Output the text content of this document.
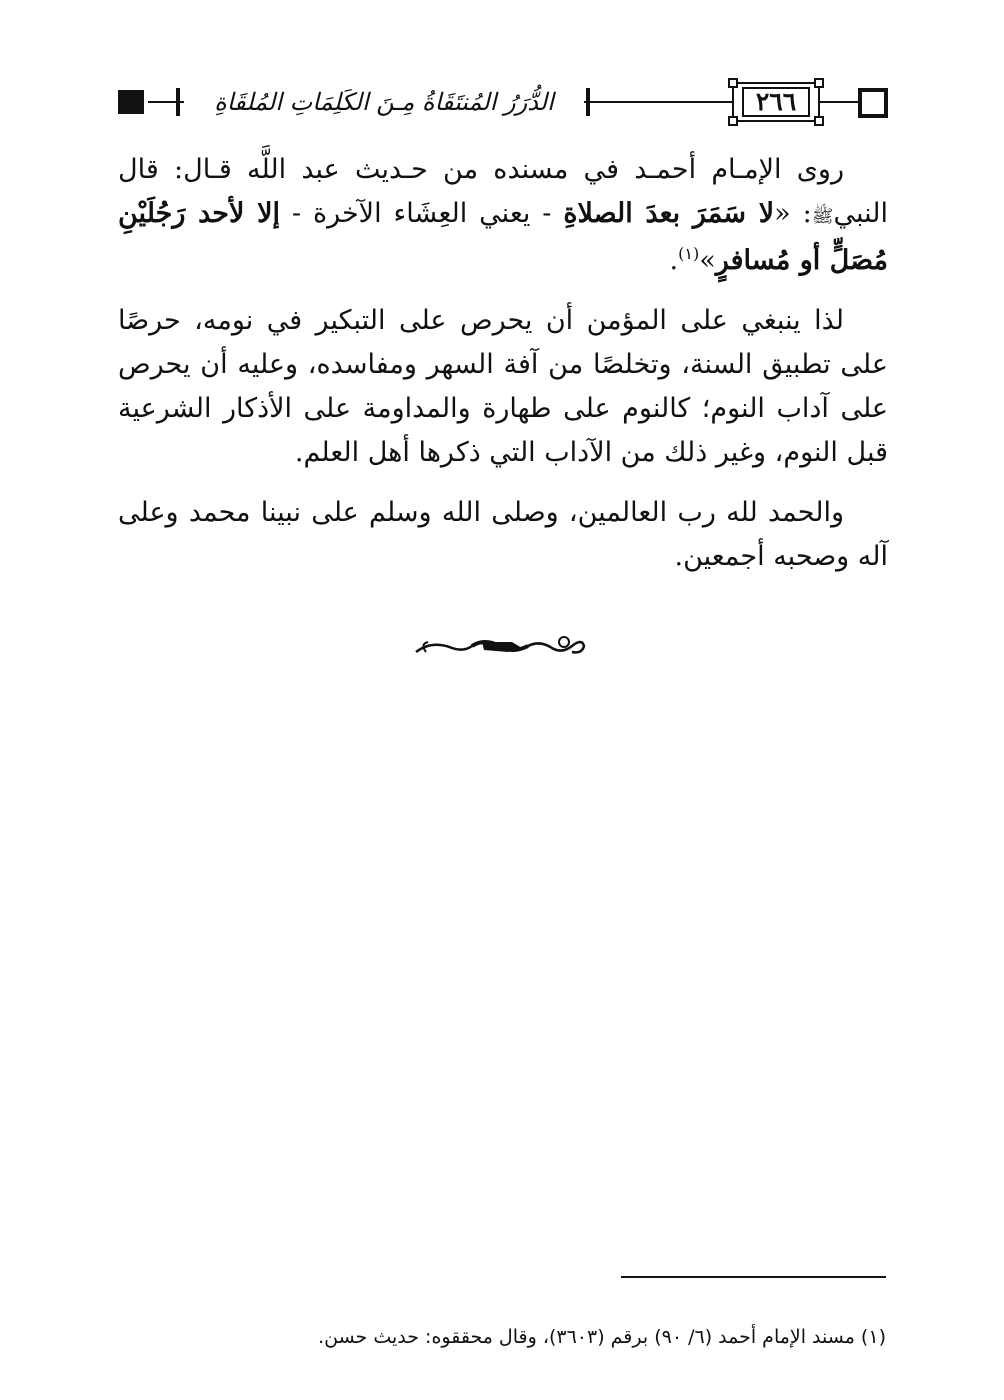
الدُّرَرُ المُنتَقَاةُ مِـنَ الكَلِمَاتِ المُلقَاةِ	٢٦٦

روى الإمـام أحمـد في مسنده من حـديث عبد اللَّه قـال: قال النبيﷺ: «لا سَمَرَ بعدَ الصلاةِ - يعني العِشَاء الآخرة - إلا لأحد رَجُلَيْنِ مُصَلٍّ أو مُسافرٍ»$^{(١)}$.

لذا ينبغي على المؤمن أن يحرص على التبكير في نومه، حرصًا على تطبيق السنة، وتخلصًا من آفة السهر ومفاسده، وعليه أن يحرص على آداب النوم؛ كالنوم على طهارة والمداومة على الأذكار الشرعية قبل النوم، وغير ذلك من الآداب التي ذكرها أهل العلم.

والحمد لله رب العالمين، وصلى الله وسلم على نبينا محمد وعلى آله وصحبه أجمعين.

(١) مسند الإمام أحمد (٦/ ٩٠) برقم (٣٦٠٣)، وقال محققوه: حديث حسن.
